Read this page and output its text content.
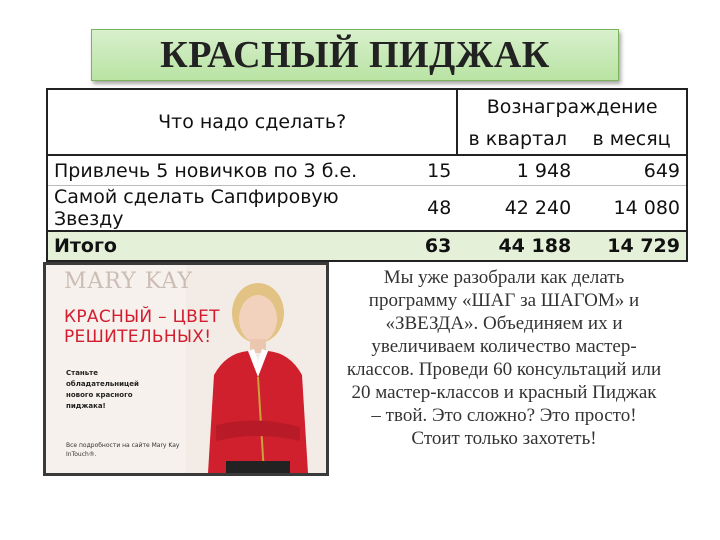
КРАСНЫЙ ПИДЖАК
Что надо сделать?		Вознаграждение	
		в квартал	в месяц
Привлечь 5 новичков по 3 б.е.	15	1 948	649
Самой сделать Сапфировую Звезду	48	42 240	14 080
Итого	63	44 188	14 729
MARY KAY
КРАСНЫЙ – ЦВЕТ
РЕШИТЕЛЬНЫХ!
Станьте обладательницей нового красного пиджака!
Все подробности на сайте Mary Kay InTouch®.
Мы уже разобрали как делать программу «ШАГ за ШАГОМ» и «ЗВЕЗДА». Объединяем их и увеличиваем количество мастер-классов. Проведи 60 консультаций или 20 мастер-классов и красный Пиджак – твой. Это сложно? Это просто! Стоит только захотеть!
